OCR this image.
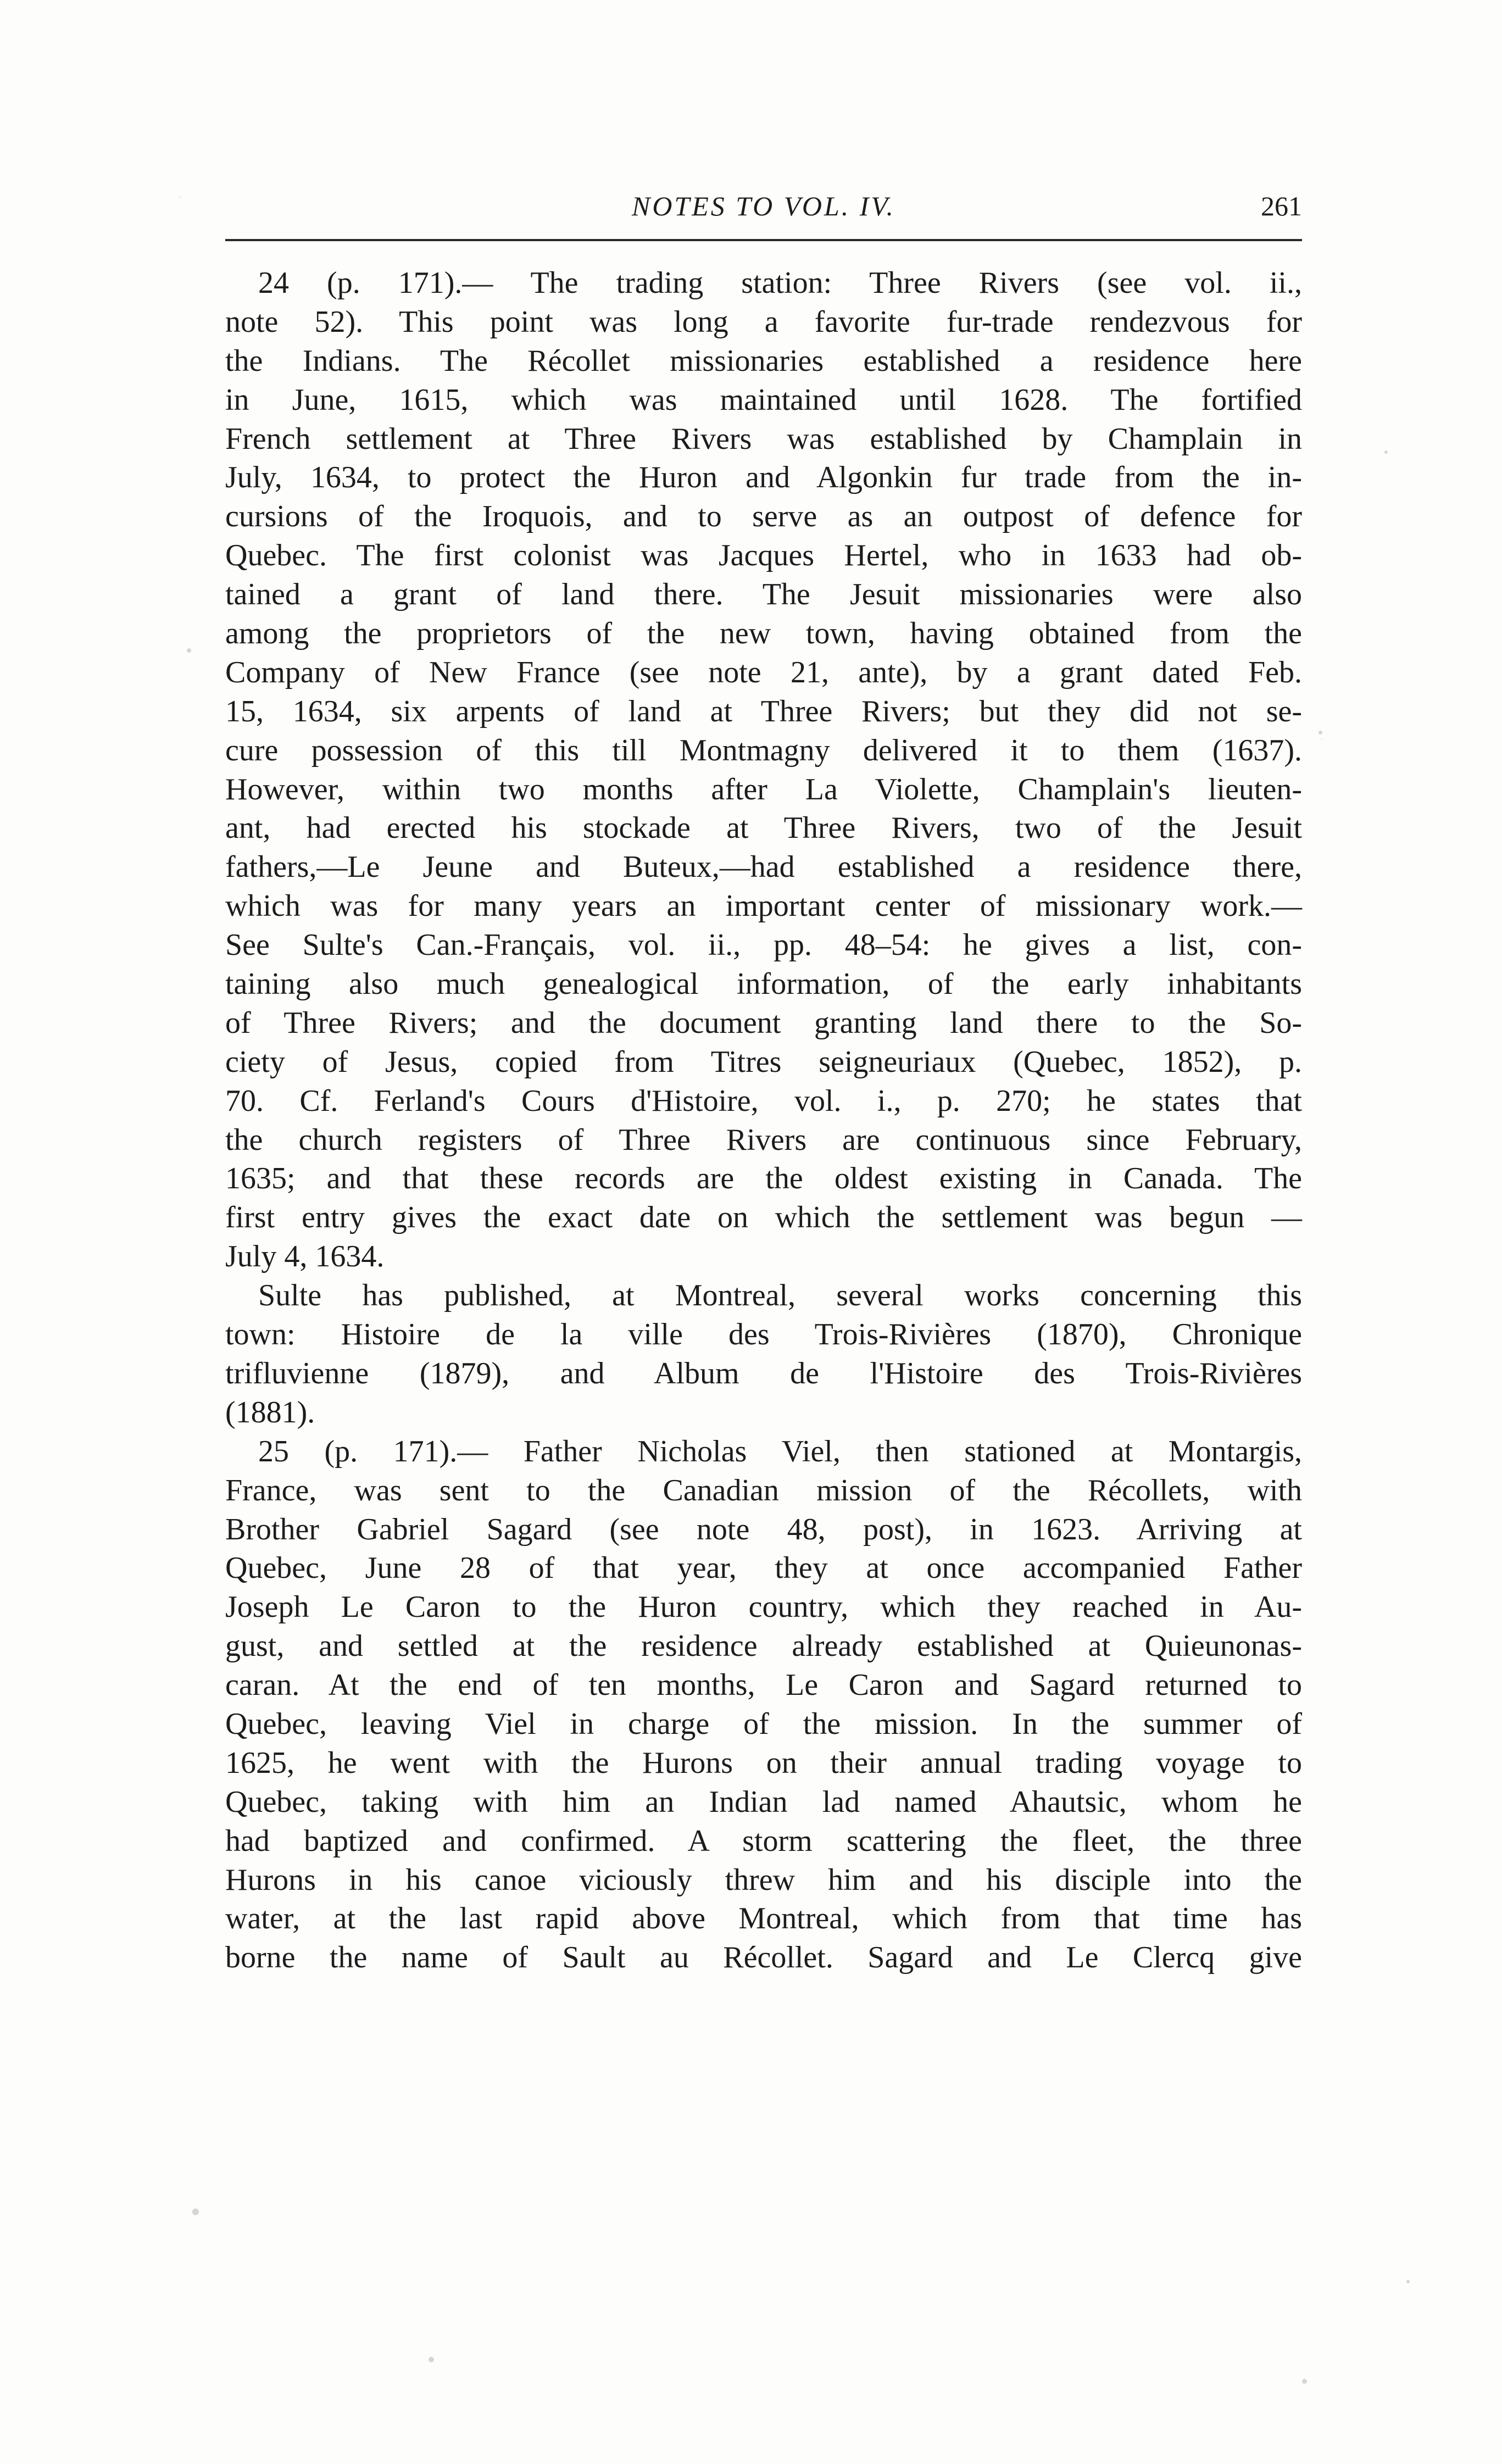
NOTES TO VOL. IV.	261
24 (p. 171).— The trading station: Three Rivers (see vol. ii.,
note 52). This point was long a favorite fur-trade rendezvous for
the Indians. The Récollet missionaries established a residence here
in June, 1615, which was maintained until 1628. The fortified
French settlement at Three Rivers was established by Champlain in
July, 1634, to protect the Huron and Algonkin fur trade from the in-
cursions of the Iroquois, and to serve as an outpost of defence for
Quebec. The first colonist was Jacques Hertel, who in 1633 had ob-
tained a grant of land there. The Jesuit missionaries were also
among the proprietors of the new town, having obtained from the
Company of New France (see note 21, ante), by a grant dated Feb.
15, 1634, six arpents of land at Three Rivers; but they did not se-
cure possession of this till Montmagny delivered it to them (1637).
However, within two months after La Violette, Champlain's lieuten-
ant, had erected his stockade at Three Rivers, two of the Jesuit
fathers,—Le Jeune and Buteux,—had established a residence there,
which was for many years an important center of missionary work.—
See Sulte's Can.-Français, vol. ii., pp. 48–54: he gives a list, con-
taining also much genealogical information, of the early inhabitants
of Three Rivers; and the document granting land there to the So-
ciety of Jesus, copied from Titres seigneuriaux (Quebec, 1852), p.
70. Cf. Ferland's Cours d'Histoire, vol. i., p. 270; he states that
the church registers of Three Rivers are continuous since February,
1635; and that these records are the oldest existing in Canada. The
first entry gives the exact date on which the settlement was begun —
July 4, 1634.
Sulte has published, at Montreal, several works concerning this
town: Histoire de la ville des Trois-Rivières (1870), Chronique
trifluvienne (1879), and Album de l'Histoire des Trois-Rivières
(1881).
25 (p. 171).— Father Nicholas Viel, then stationed at Montargis,
France, was sent to the Canadian mission of the Récollets, with
Brother Gabriel Sagard (see note 48, post), in 1623. Arriving at
Quebec, June 28 of that year, they at once accompanied Father
Joseph Le Caron to the Huron country, which they reached in Au-
gust, and settled at the residence already established at Quieunonas-
caran. At the end of ten months, Le Caron and Sagard returned to
Quebec, leaving Viel in charge of the mission. In the summer of
1625, he went with the Hurons on their annual trading voyage to
Quebec, taking with him an Indian lad named Ahautsic, whom he
had baptized and confirmed. A storm scattering the fleet, the three
Hurons in his canoe viciously threw him and his disciple into the
water, at the last rapid above Montreal, which from that time has
borne the name of Sault au Récollet. Sagard and Le Clercq give
